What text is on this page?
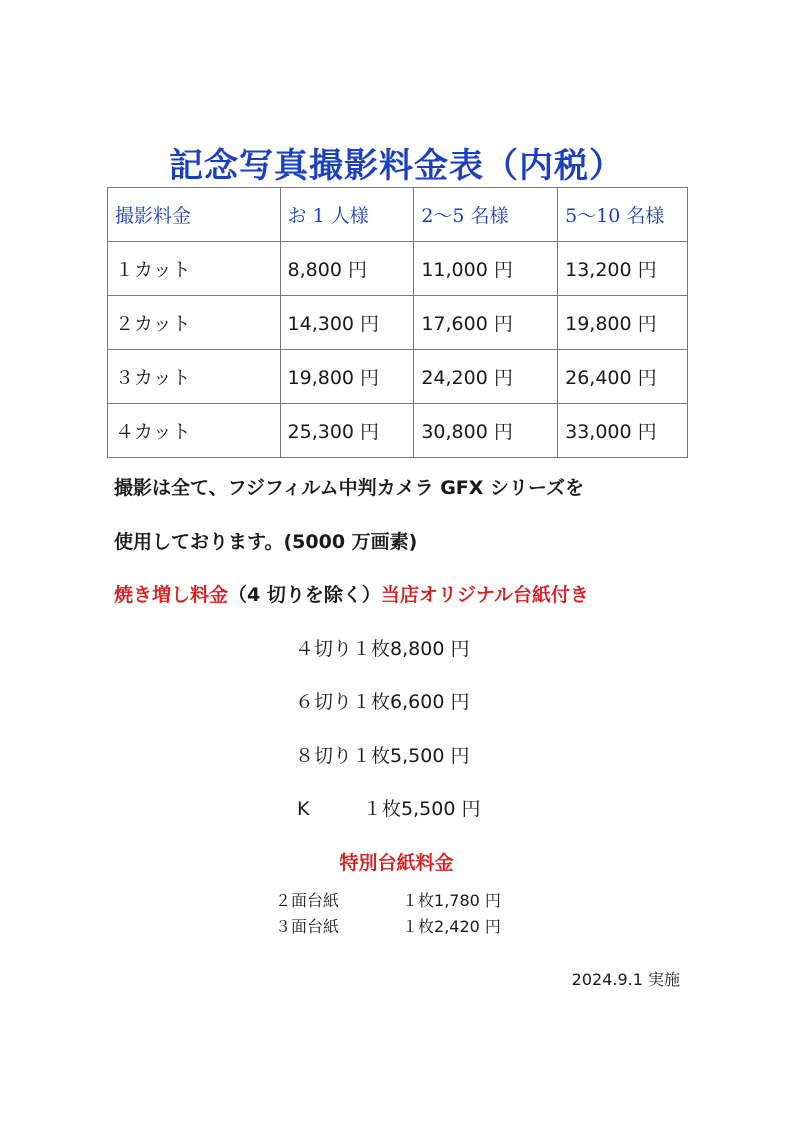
記念写真撮影料金表（内税）
撮影料金	お 1 人様	2〜5 名様	5〜10 名様
１カット	8,800 円	11,000 円	13,200 円
２カット	14,300 円	17,600 円	19,800 円
３カット	19,800 円	24,200 円	26,400 円
４カット	25,300 円	30,800 円	33,000 円

撮影は全て、フジフィルム中判カメラ GFX シリーズを

使用しております。(5000 万画素)

焼き増し料金（4 切りを除く）当店オリジナル台紙付き
４切り１枚8,800 円
６切り１枚6,600 円
８切り１枚5,500 円
K	１枚5,500 円

特別台紙料金

２面台紙	１枚1,780 円
３面台紙	１枚2,420 円
2024.9.1 実施
